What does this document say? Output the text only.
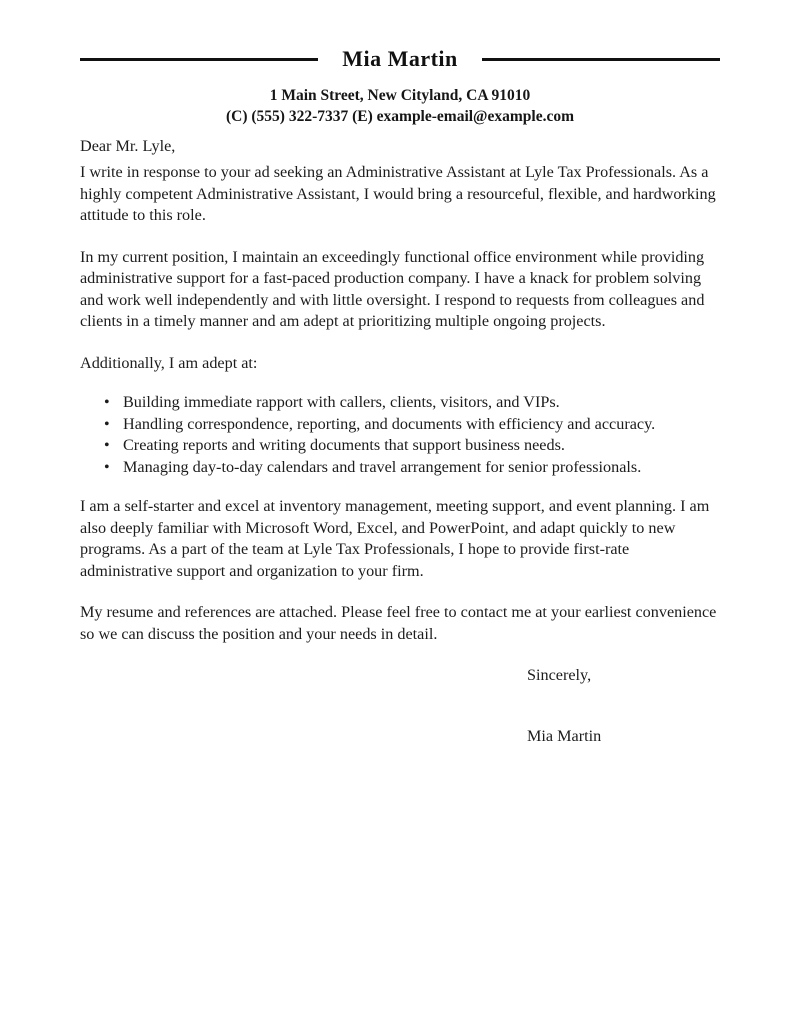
Mia Martin
1 Main Street, New Cityland, CA 91010
(C) (555) 322-7337 (E) example-email@example.com

Dear Mr. Lyle,

I write in response to your ad seeking an Administrative Assistant at Lyle Tax Professionals. As a highly competent Administrative Assistant, I would bring a resourceful, flexible, and hardworking attitude to this role.

In my current position, I maintain an exceedingly functional office environment while providing administrative support for a fast-paced production company. I have a knack for problem solving and work well independently and with little oversight. I respond to requests from colleagues and clients in a timely manner and am adept at prioritizing multiple ongoing projects.

Additionally, I am adept at:

• Building immediate rapport with callers, clients, visitors, and VIPs.
• Handling correspondence, reporting, and documents with efficiency and accuracy.
• Creating reports and writing documents that support business needs.
• Managing day-to-day calendars and travel arrangement for senior professionals.

I am a self-starter and excel at inventory management, meeting support, and event planning. I am also deeply familiar with Microsoft Word, Excel, and PowerPoint, and adapt quickly to new programs. As a part of the team at Lyle Tax Professionals, I hope to provide first-rate administrative support and organization to your firm.

My resume and references are attached. Please feel free to contact me at your earliest convenience so we can discuss the position and your needs in detail.

Sincerely,
Mia Martin
